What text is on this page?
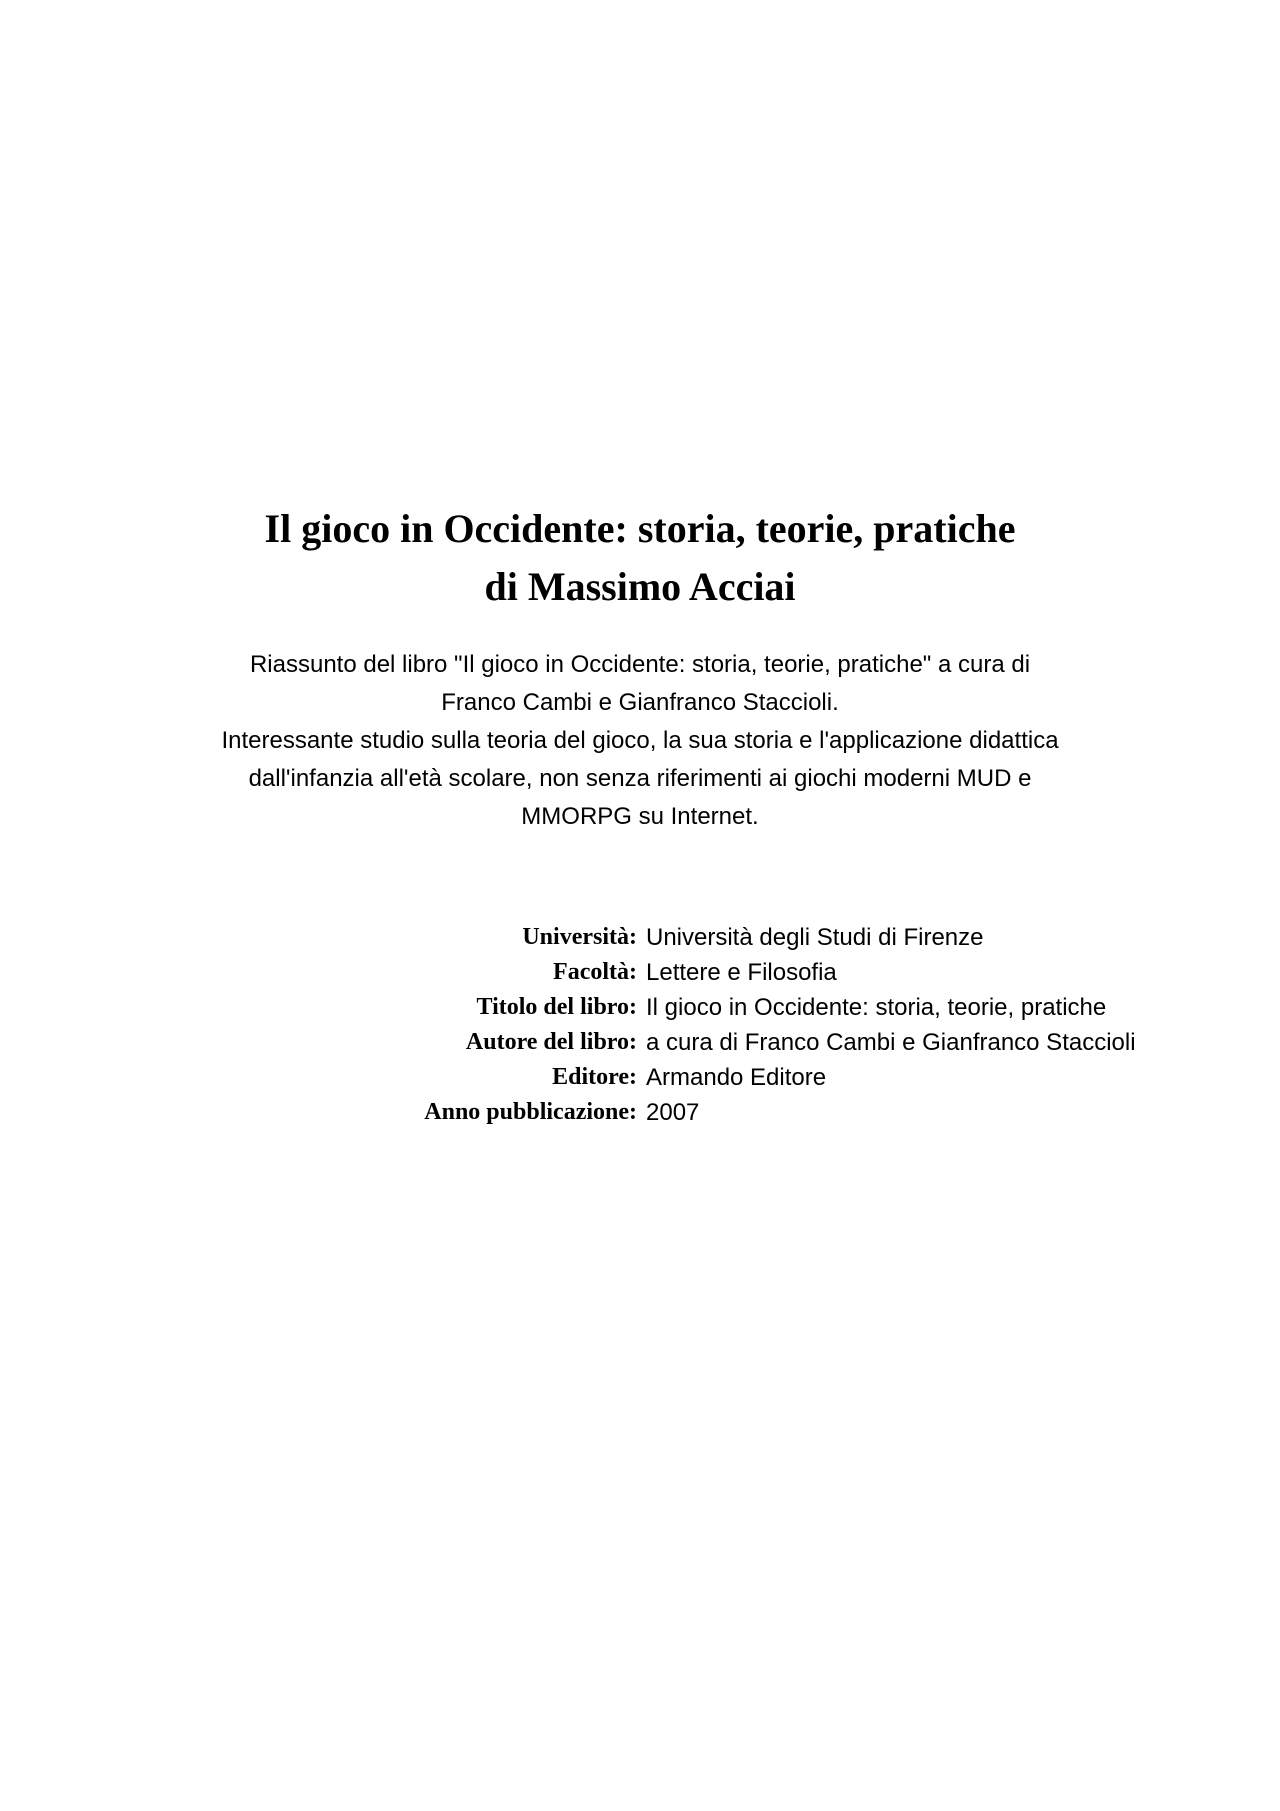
Il gioco in Occidente: storia, teorie, pratiche
di Massimo Acciai
Riassunto del libro "Il gioco in Occidente: storia, teorie, pratiche" a cura di
Franco Cambi e Gianfranco Staccioli.
Interessante studio sulla teoria del gioco, la sua storia e l'applicazione didattica
dall'infanzia all'età scolare, non senza riferimenti ai giochi moderni MUD e
MMORPG su Internet.
Università: Università degli Studi di Firenze
Facoltà: Lettere e Filosofia
Titolo del libro: Il gioco in Occidente: storia, teorie, pratiche
Autore del libro: a cura di Franco Cambi e Gianfranco Staccioli
Editore: Armando Editore
Anno pubblicazione: 2007
